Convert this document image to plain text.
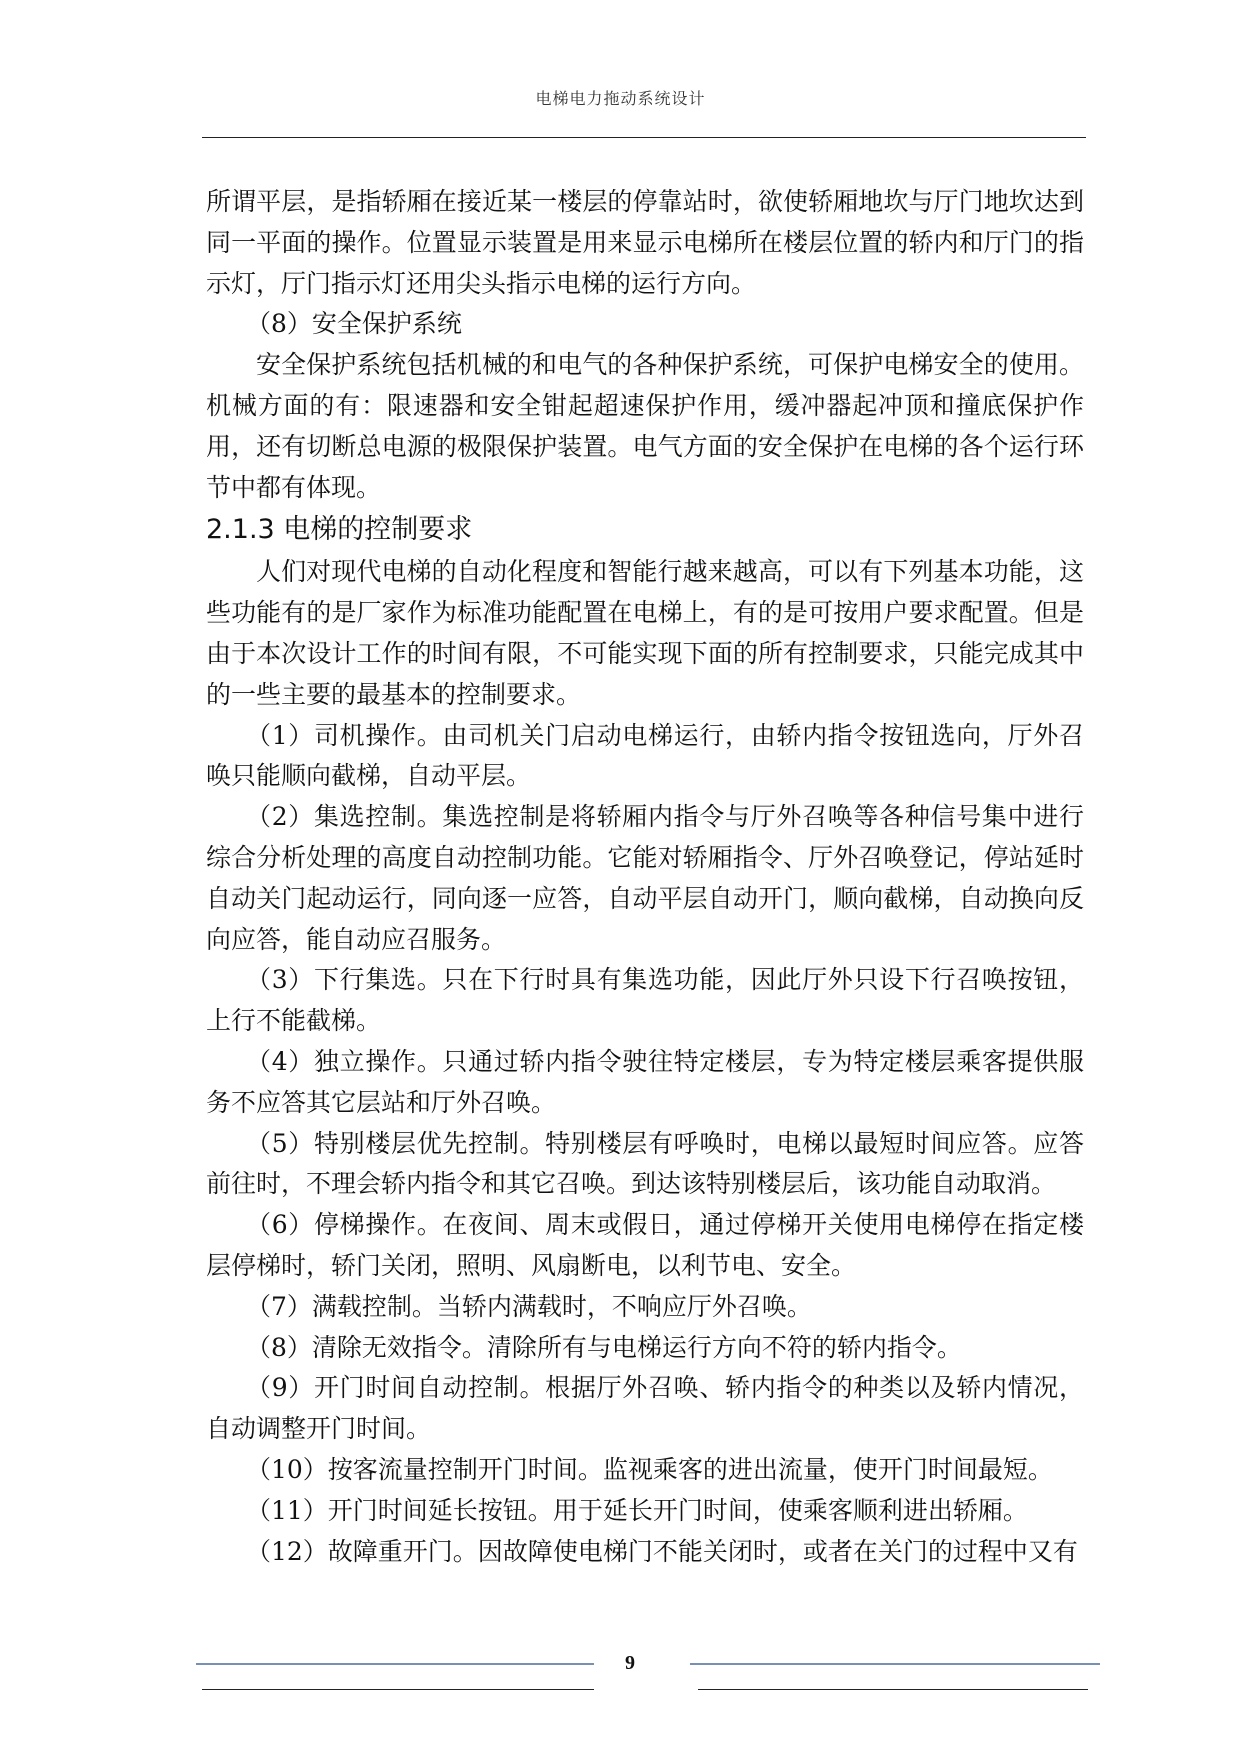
电梯电力拖动系统设计

所谓平层，是指轿厢在接近某一楼层的停靠站时，欲使轿厢地坎与厅门地坎达到同一平面的操作。位置显示装置是用来显示电梯所在楼层位置的轿内和厅门的指示灯，厅门指示灯还用尖头指示电梯的运行方向。

（8）安全保护系统

安全保护系统包括机械的和电气的各种保护系统，可保护电梯安全的使用。机械方面的有：限速器和安全钳起超速保护作用，缓冲器起冲顶和撞底保护作用，还有切断总电源的极限保护装置。电气方面的安全保护在电梯的各个运行环节中都有体现。

2.1.3 电梯的控制要求

人们对现代电梯的自动化程度和智能行越来越高，可以有下列基本功能，这些功能有的是厂家作为标准功能配置在电梯上，有的是可按用户要求配置。但是由于本次设计工作的时间有限，不可能实现下面的所有控制要求，只能完成其中的一些主要的最基本的控制要求。

（1）司机操作。由司机关门启动电梯运行，由轿内指令按钮选向，厅外召唤只能顺向截梯，自动平层。

（2）集选控制。集选控制是将轿厢内指令与厅外召唤等各种信号集中进行综合分析处理的高度自动控制功能。它能对轿厢指令、厅外召唤登记，停站延时自动关门起动运行，同向逐一应答，自动平层自动开门，顺向截梯，自动换向反向应答，能自动应召服务。

（3）下行集选。只在下行时具有集选功能，因此厅外只设下行召唤按钮，上行不能截梯。

（4）独立操作。只通过轿内指令驶往特定楼层，专为特定楼层乘客提供服务不应答其它层站和厅外召唤。

（5）特别楼层优先控制。特别楼层有呼唤时，电梯以最短时间应答。应答前往时，不理会轿内指令和其它召唤。到达该特别楼层后，该功能自动取消。

（6）停梯操作。在夜间、周末或假日，通过停梯开关使用电梯停在指定楼层停梯时，轿门关闭，照明、风扇断电，以利节电、安全。

（7）满载控制。当轿内满载时，不响应厅外召唤。

（8）清除无效指令。清除所有与电梯运行方向不符的轿内指令。

（9）开门时间自动控制。根据厅外召唤、轿内指令的种类以及轿内情况，自动调整开门时间。

（10）按客流量控制开门时间。监视乘客的进出流量，使开门时间最短。

（11）开门时间延长按钮。用于延长开门时间，使乘客顺利进出轿厢。

（12）故障重开门。因故障使电梯门不能关闭时，或者在关门的过程中又有

9
